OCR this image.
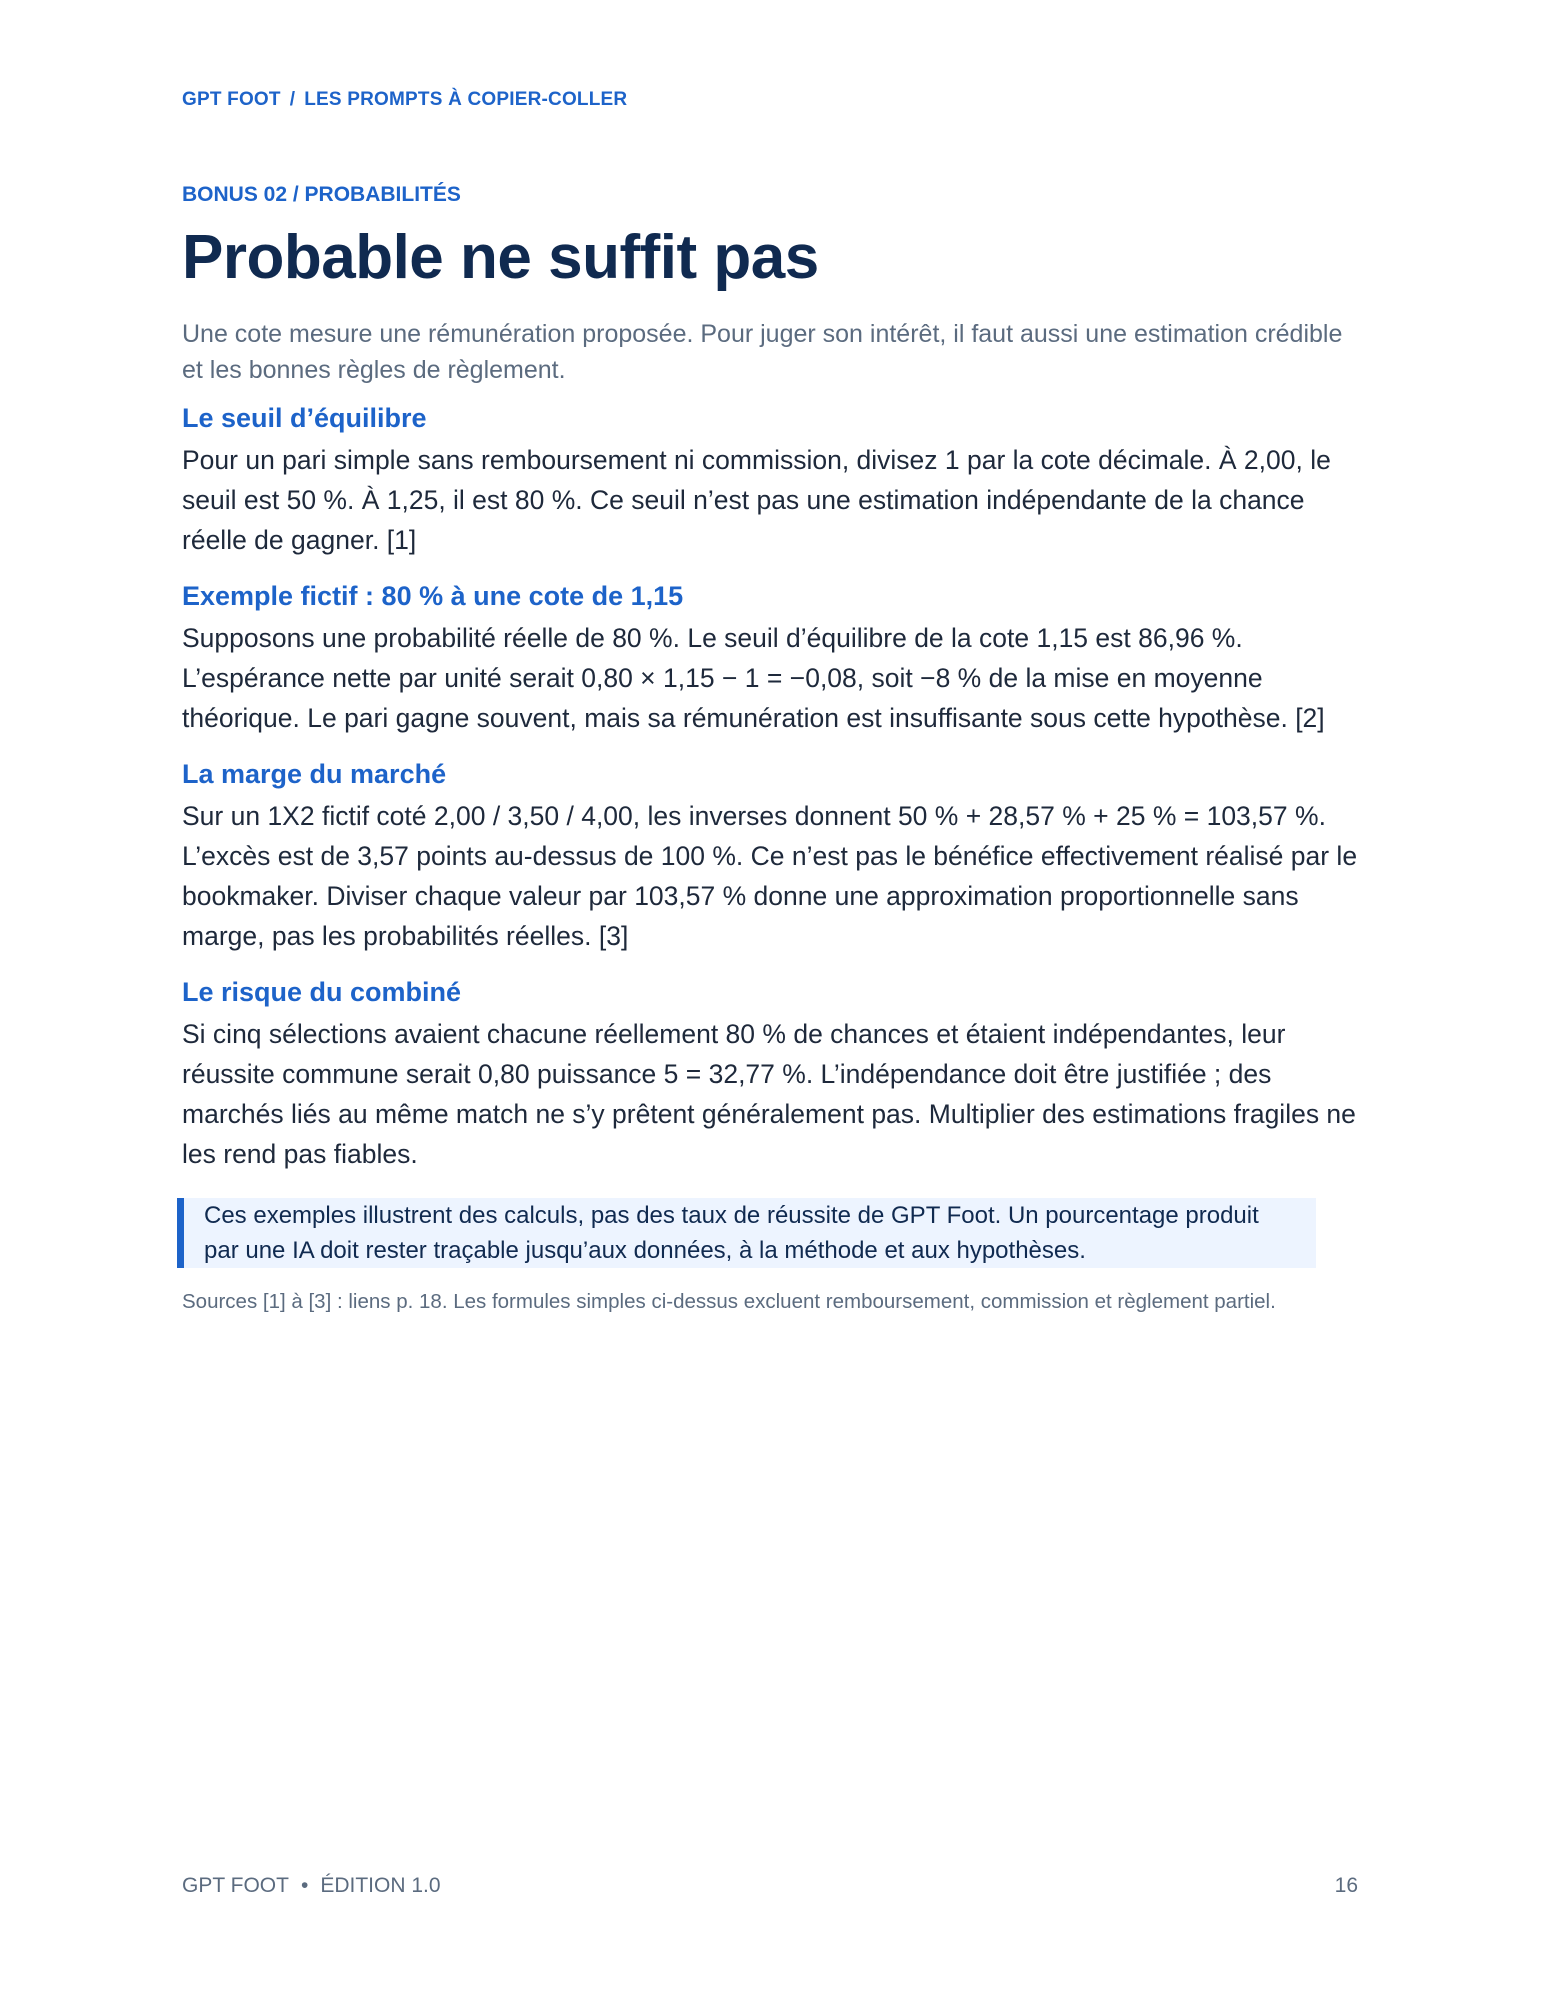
GPT FOOT / LES PROMPTS À COPIER-COLLER

BONUS 02 / PROBABILITÉS

Probable ne suffit pas

Une cote mesure une rémunération proposée. Pour juger son intérêt, il faut aussi une estimation crédible et les bonnes règles de règlement.

Le seuil d’équilibre

Pour un pari simple sans remboursement ni commission, divisez 1 par la cote décimale. À 2,00, le seuil est 50 %. À 1,25, il est 80 %. Ce seuil n’est pas une estimation indépendante de la chance réelle de gagner. [1]

Exemple fictif : 80 % à une cote de 1,15

Supposons une probabilité réelle de 80 %. Le seuil d’équilibre de la cote 1,15 est 86,96 %. L’espérance nette par unité serait 0,80 × 1,15 − 1 = −0,08, soit −8 % de la mise en moyenne théorique. Le pari gagne souvent, mais sa rémunération est insuffisante sous cette hypothèse. [2]

La marge du marché

Sur un 1X2 fictif coté 2,00 / 3,50 / 4,00, les inverses donnent 50 % + 28,57 % + 25 % = 103,57 %. L’excès est de 3,57 points au-dessus de 100 %. Ce n’est pas le bénéfice effectivement réalisé par le bookmaker. Diviser chaque valeur par 103,57 % donne une approximation proportionnelle sans marge, pas les probabilités réelles. [3]

Le risque du combiné

Si cinq sélections avaient chacune réellement 80 % de chances et étaient indépendantes, leur réussite commune serait 0,80 puissance 5 = 32,77 %. L’indépendance doit être justifiée ; des marchés liés au même match ne s’y prêtent généralement pas. Multiplier des estimations fragiles ne les rend pas fiables.

Ces exemples illustrent des calculs, pas des taux de réussite de GPT Foot. Un pourcentage produit par une IA doit rester traçable jusqu’aux données, à la méthode et aux hypothèses.

Sources [1] à [3] : liens p. 18. Les formules simples ci-dessus excluent remboursement, commission et règlement partiel.

GPT FOOT • ÉDITION 1.0	16
